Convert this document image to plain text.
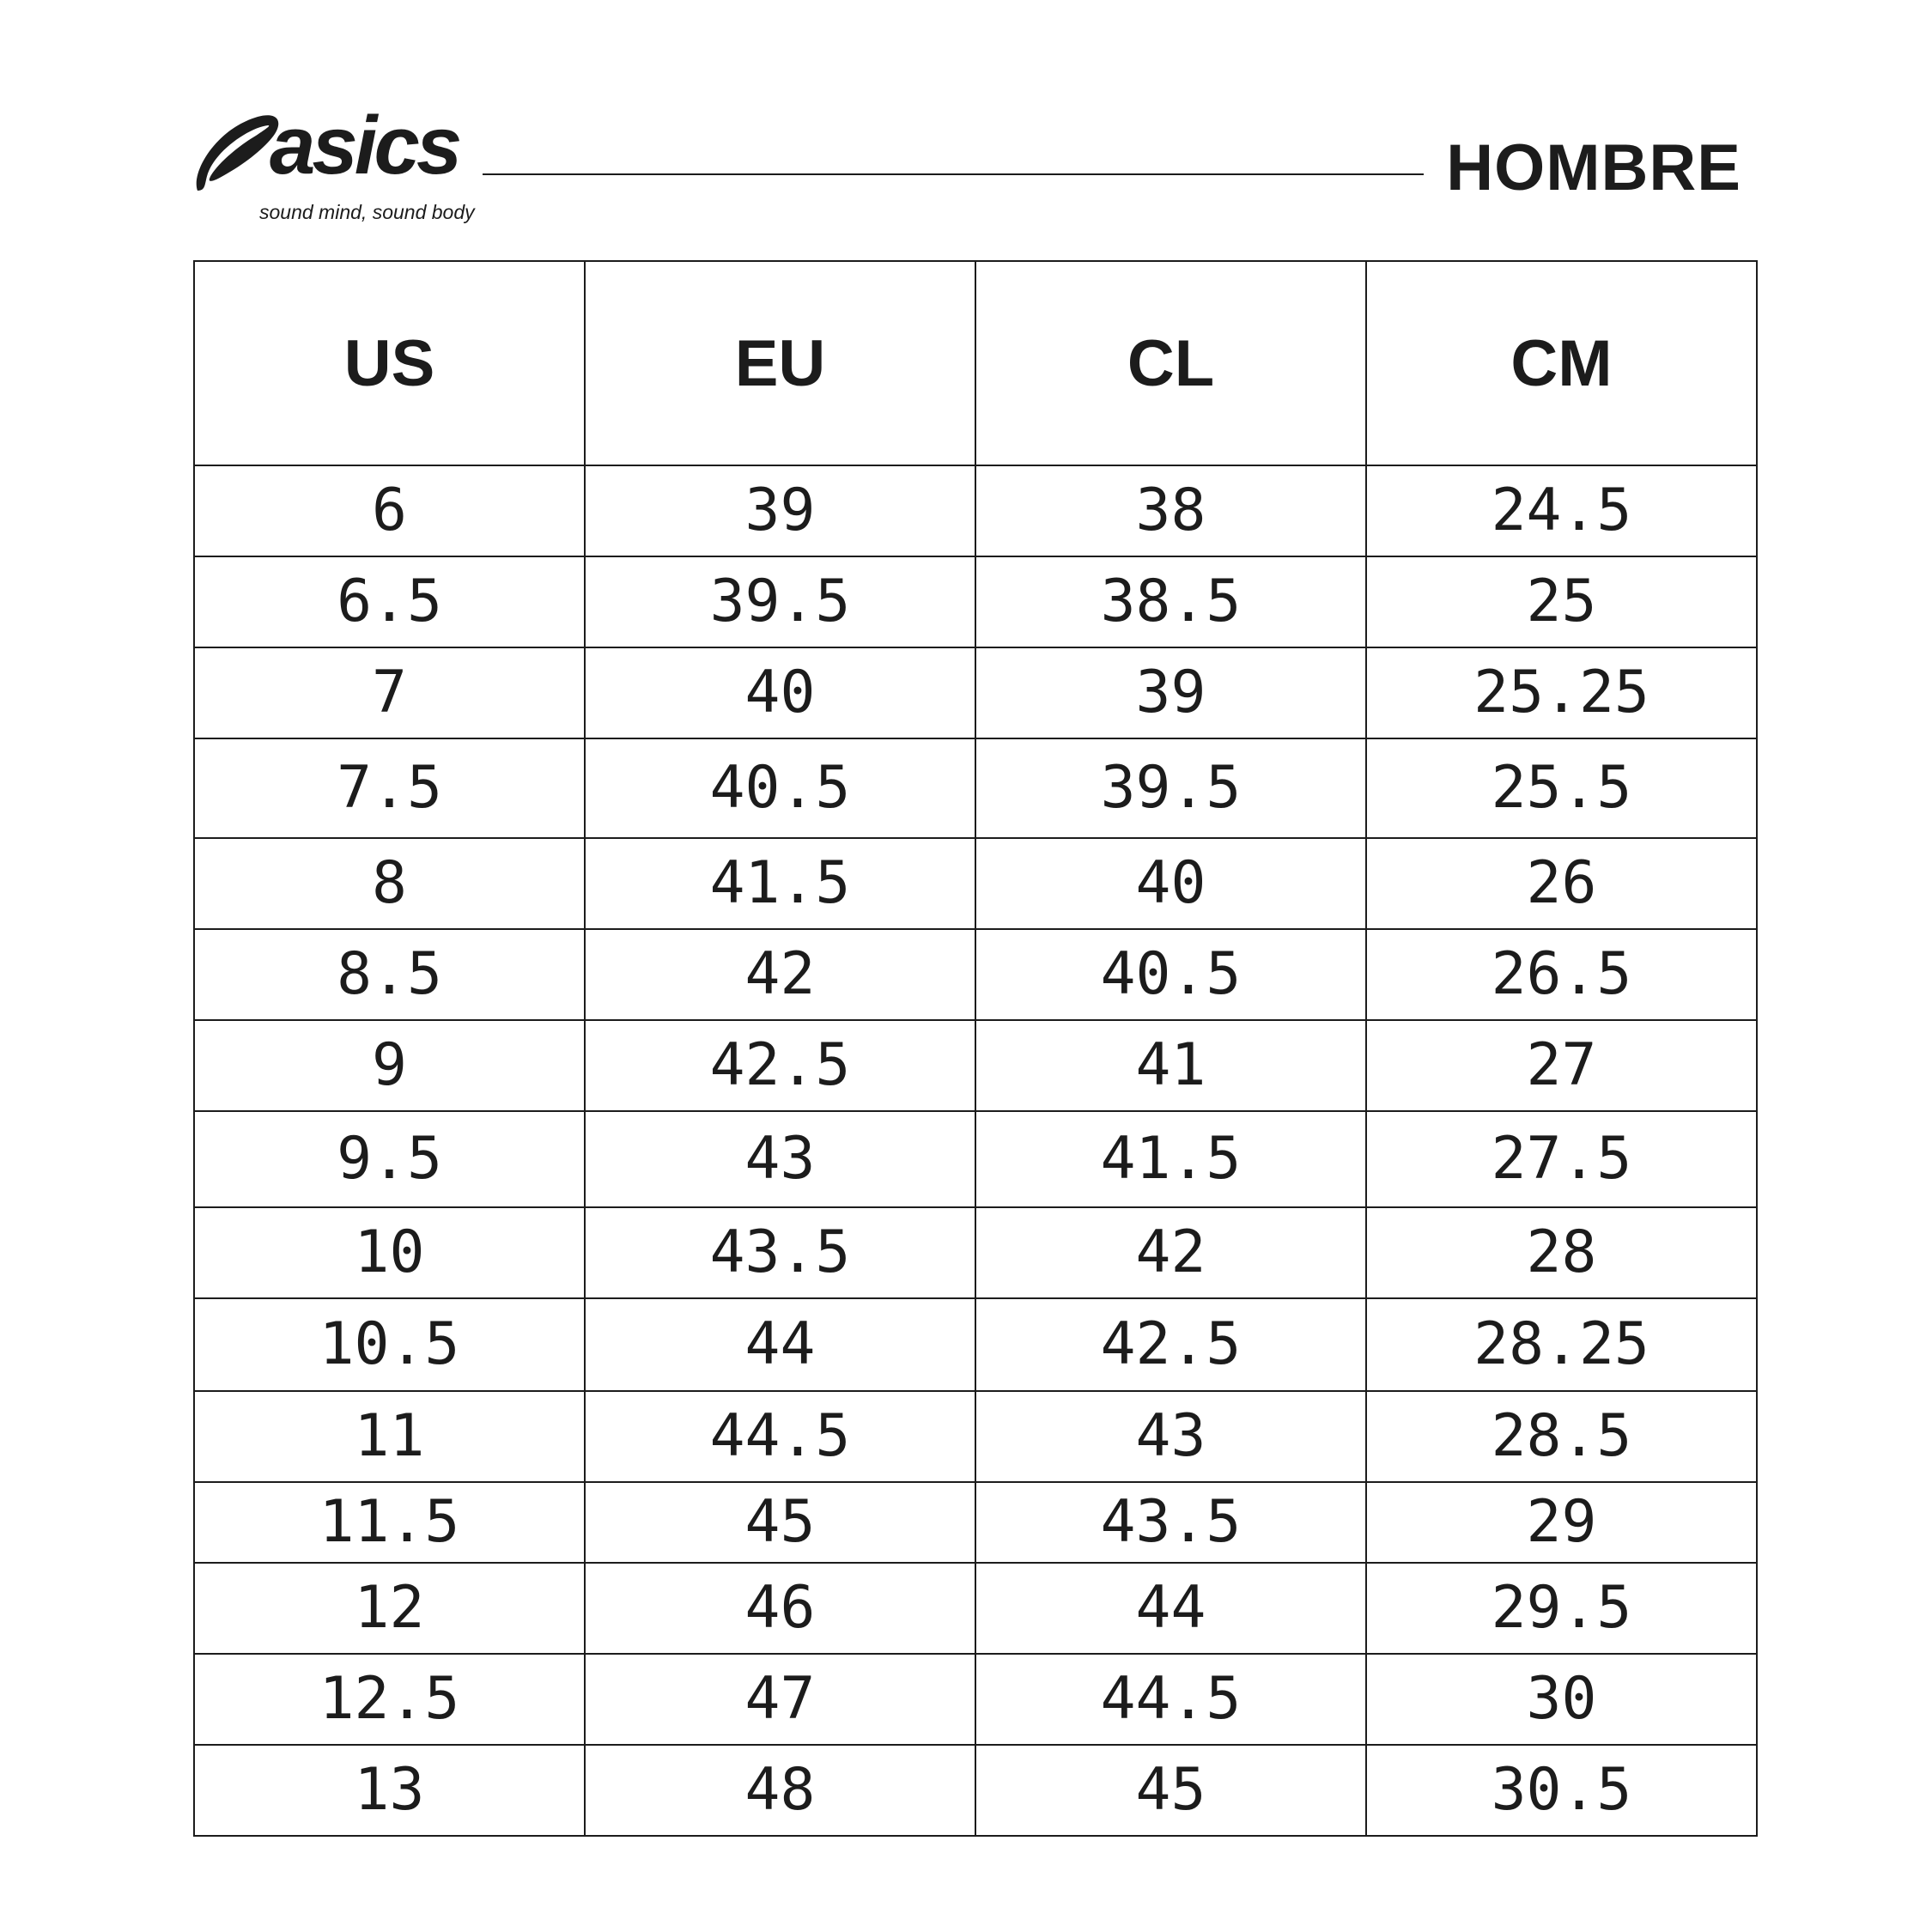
asics
sound mind, sound body
HOMBRE
US	EU	CL	CM
6	39	38	24.5
6.5	39.5	38.5	25
7	40	39	25.25
7.5	40.5	39.5	25.5
8	41.5	40	26
8.5	42	40.5	26.5
9	42.5	41	27
9.5	43	41.5	27.5
10	43.5	42	28
10.5	44	42.5	28.25
11	44.5	43	28.5
11.5	45	43.5	29
12	46	44	29.5
12.5	47	44.5	30
13	48	45	30.5
